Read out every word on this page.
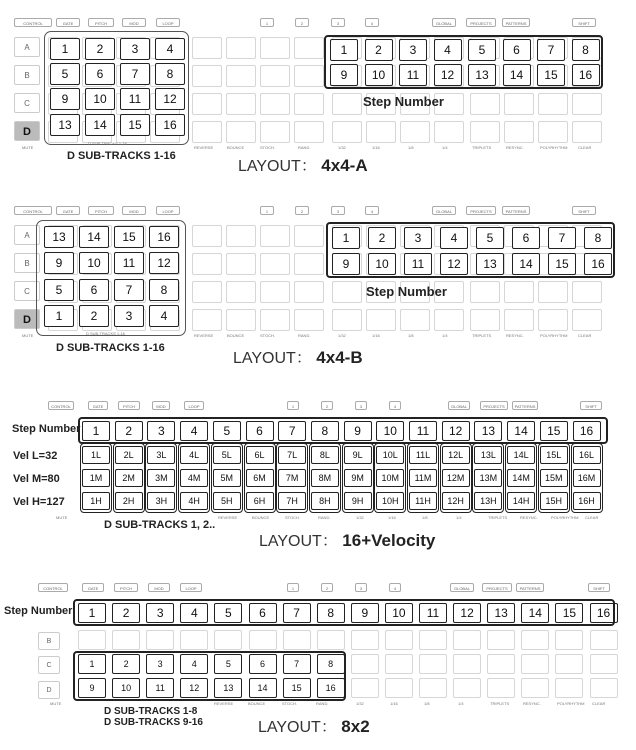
CONTROL	GATE	PITCH	MOD	LOOP	1	2	3	4	GLOBAL	PROJECTS	PATTERNS	SHIFT
A
B
C
D
MUTE	REVERSE	BOUNCE	STOCH.	RAND.	1/32	1/16	1/8	1/4	TRIPLETS	RESYNC.	POLYRHYTHM	CLEAR
1	2	3	4
5	6	7	8
9	10	11	12
13	14	15	16
D SUB-TRACKS 1-16
1	2	3	4	5	6	7	8
9	10	11	12	13	14	15	16
Step Number
D SUB-TRACKS 1-16
LAYOUT： 4x4-A
CONTROL	GATE	PITCH	MOD	LOOP	1	2	3	4	GLOBAL	PROJECTS	PATTERNS	SHIFT
A
B
C
D
MUTE	REVERSE	BOUNCE	STOCH.	RAND.	1/32	1/16	1/8	1/4	TRIPLETS	RESYNC.	POLYRHYTHM	CLEAR
13	14	15	16
9	10	11	12
5	6	7	8
1	2	3	4
D SUB-TRACKS 1-16
1	2	3	4	5	6	7	8
9	10	11	12	13	14	15	16
Step Number
D SUB-TRACKS 1-16
LAYOUT： 4x4-B
CONTROL	GATE	PITCH	MOD	LOOP	1	2	3	4	GLOBAL	PROJECTS	PATTERNS	SHIFT
1	2	3	4	5	6	7	8	9	10	11	12	13	14	15	16
Step Number
1L	2L	3L	4L	5L	6L	7L	8L	9L	10L	11L	12L	13L	14L	15L	16L
1M	2M	3M	4M	5M	6M	7M	8M	9M	10M	11M	12M	13M	14M	15M	16M
1H	2H	3H	4H	5H	6H	7H	8H	9H	10H	11H	12H	13H	14H	15H	16H
Vel L=32
Vel M=80
Vel H=127
MUTE	REVERSE	BOUNCE	STOCH.	RAND.	1/32	1/16	1/8	1/4	TRIPLETS	RESYNC.	POLYRHYTHM CLEAR
D SUB-TRACKS 1, 2..
LAYOUT： 16+Velocity
CONTROL	GATE	PITCH	MOD	LOOP	1	2	3	4	GLOBAL	PROJECTS	PATTERNS	SHIFT
1	2	3	4	5	6	7	8	9	10	11	12	13	14	15	16
Step Number
B
C
D
1	2	3	4	5	6	7	8
9	10	11	12	13	14	15	16
MUTE	REVERSE	BOUNCE	STOCH.	RAND.	1/32	1/16	1/8	1/4	TRIPLETS	RESYNC.	POLYRHYTHM CLEAR
D SUB-TRACKS 1-8
D SUB-TRACKS 9-16	LAYOUT： 8x2
